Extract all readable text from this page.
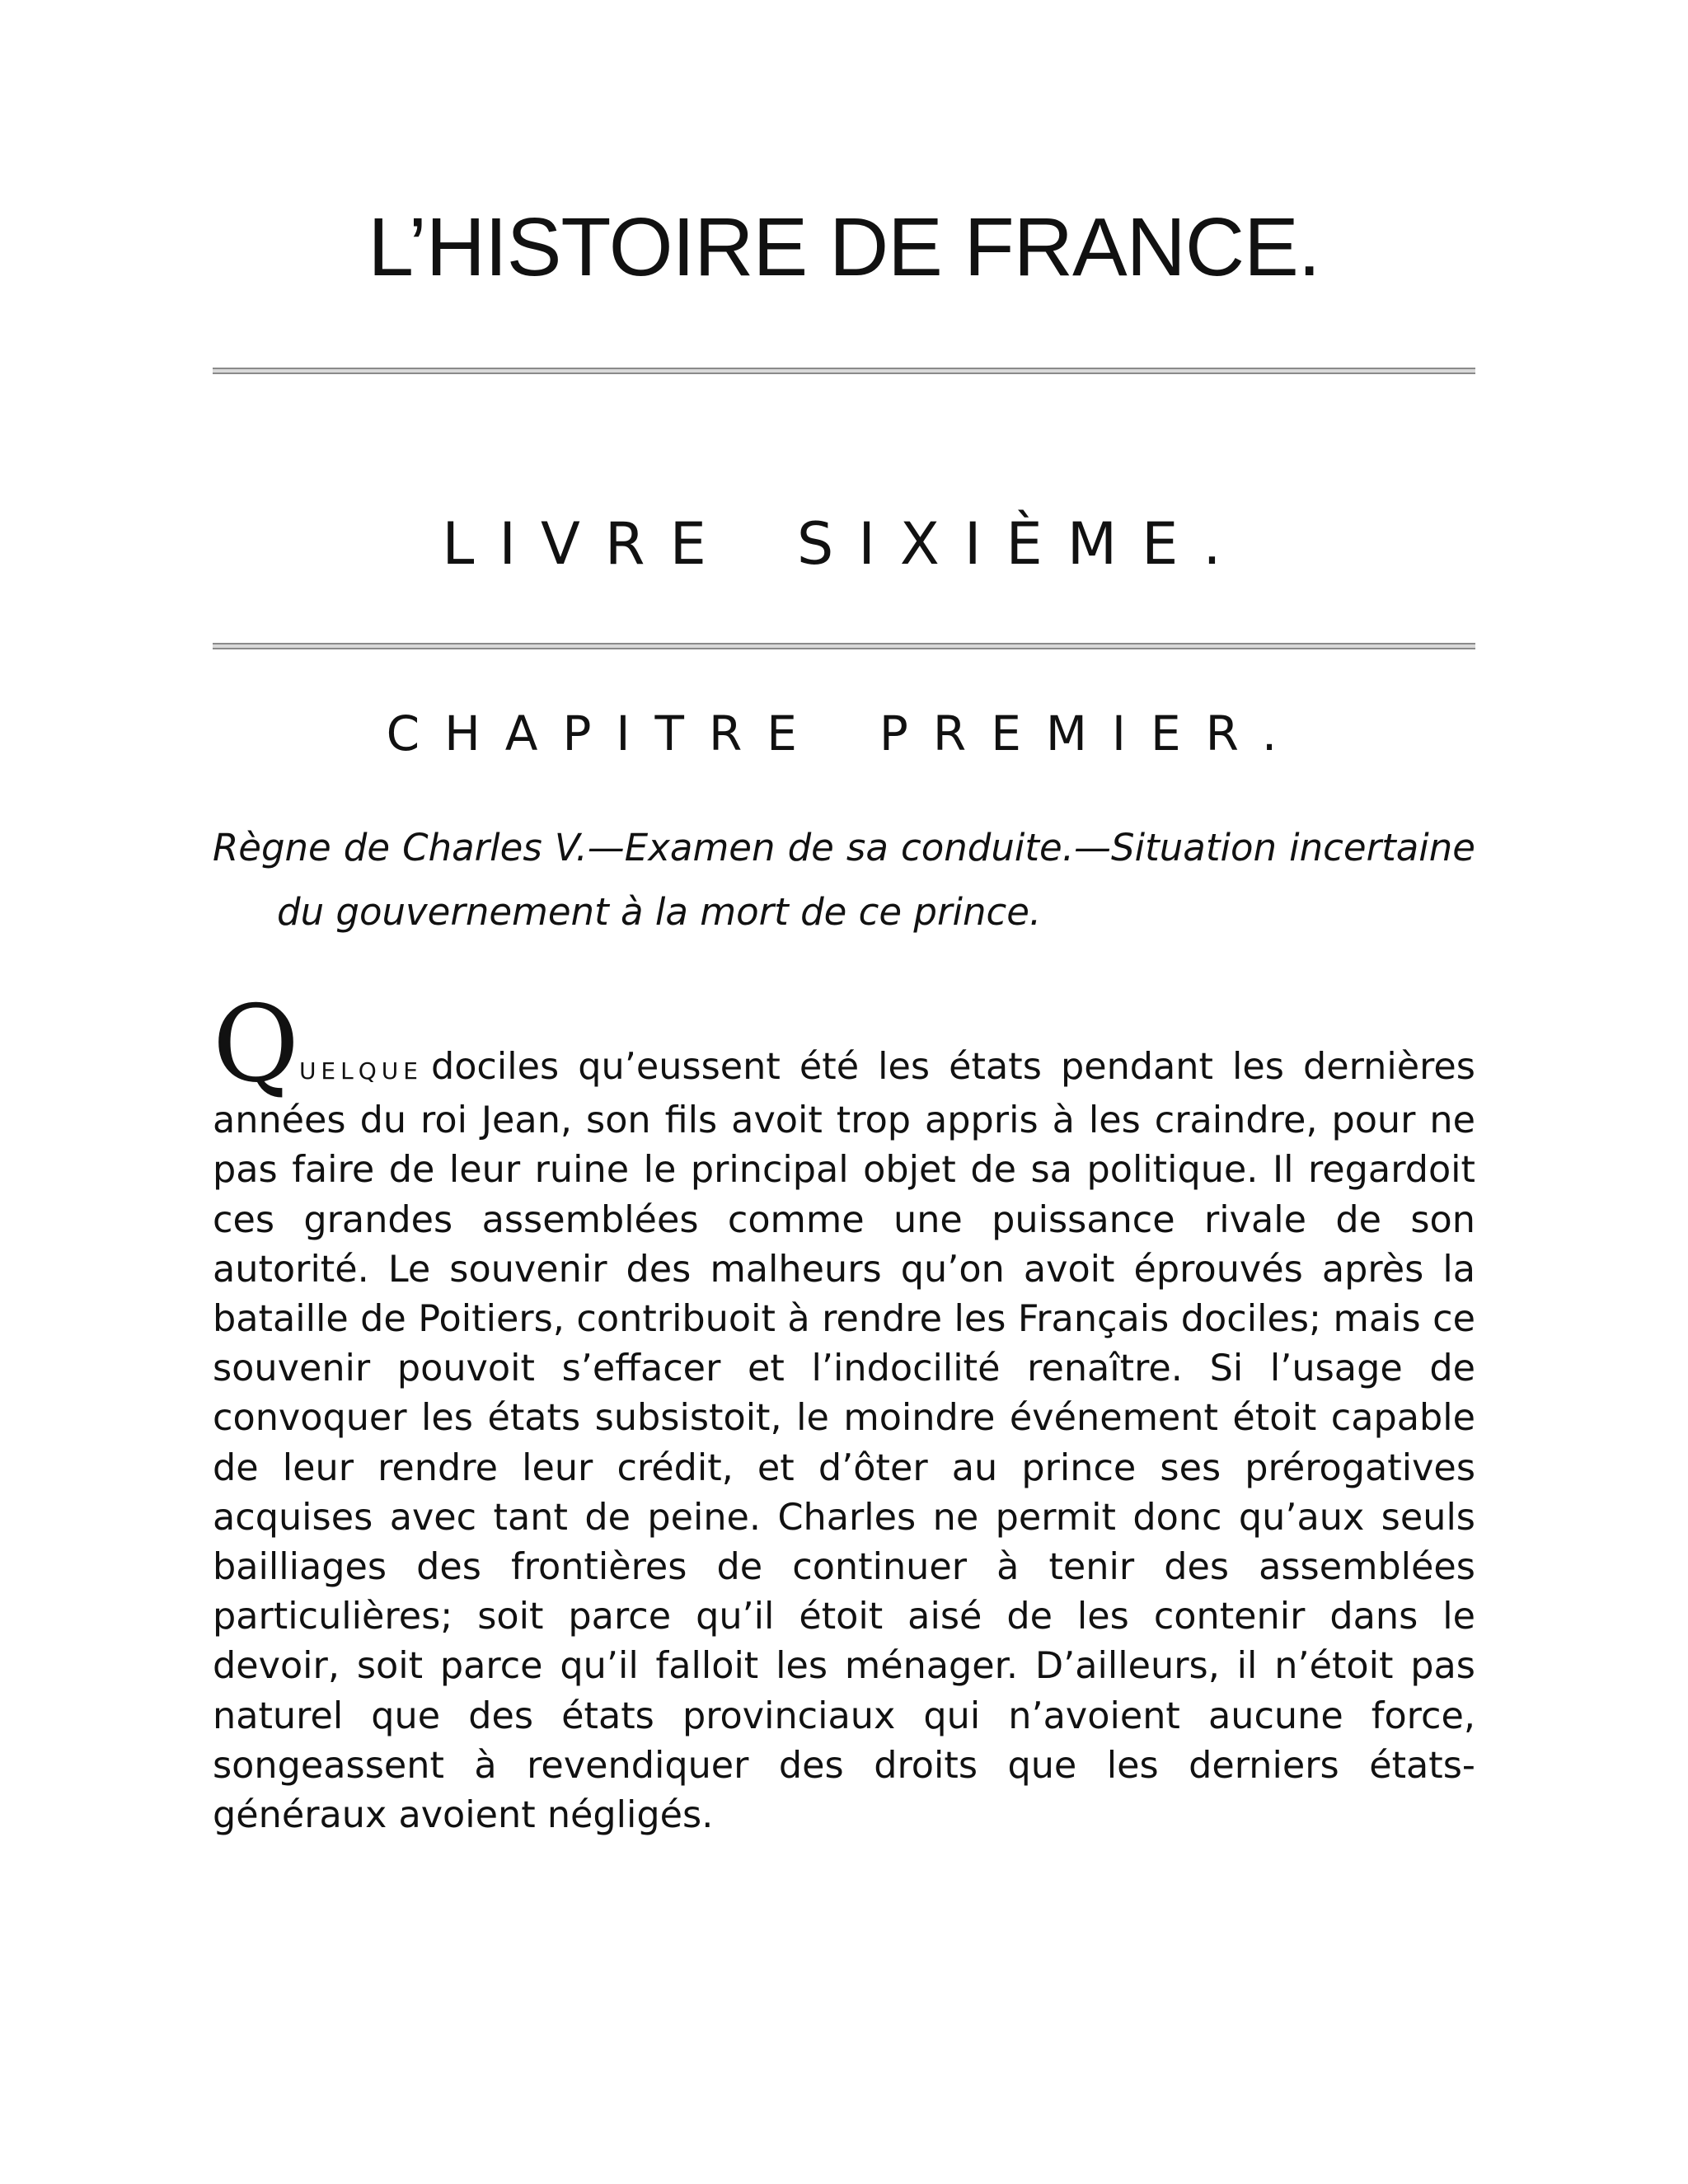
L’HISTOIRE DE FRANCE.
LIVRE SIXIÈME.
CHAPITRE PREMIER.

Règne de Charles V.—Examen de sa conduite.—Situation incertaine du gouvernement à la mort de ce prince.

QUELQUE dociles qu’eussent été les états pendant les dernières années du roi Jean, son fils avoit trop appris à les craindre, pour ne pas faire de leur ruine le principal objet de sa politique. Il regardoit ces grandes assemblées comme une puissance rivale de son autorité. Le souvenir des malheurs qu’on avoit éprouvés après la bataille de Poitiers, contribuoit à rendre les Français dociles; mais ce souvenir pouvoit s’effacer et l’indocilité renaître. Si l’usage de convoquer les états subsistoit, le moindre événement étoit capable de leur rendre leur crédit, et d’ôter au prince ses prérogatives acquises avec tant de peine. Charles ne permit donc qu’aux seuls bailliages des frontières de continuer à tenir des assemblées particulières; soit parce qu’il étoit aisé de les contenir dans le devoir, soit parce qu’il falloit les ménager. D’ailleurs, il n’étoit pas naturel que des états provinciaux qui n’avoient aucune force, songeassent à revendiquer des droits que les derniers états-généraux avoient négligés.
